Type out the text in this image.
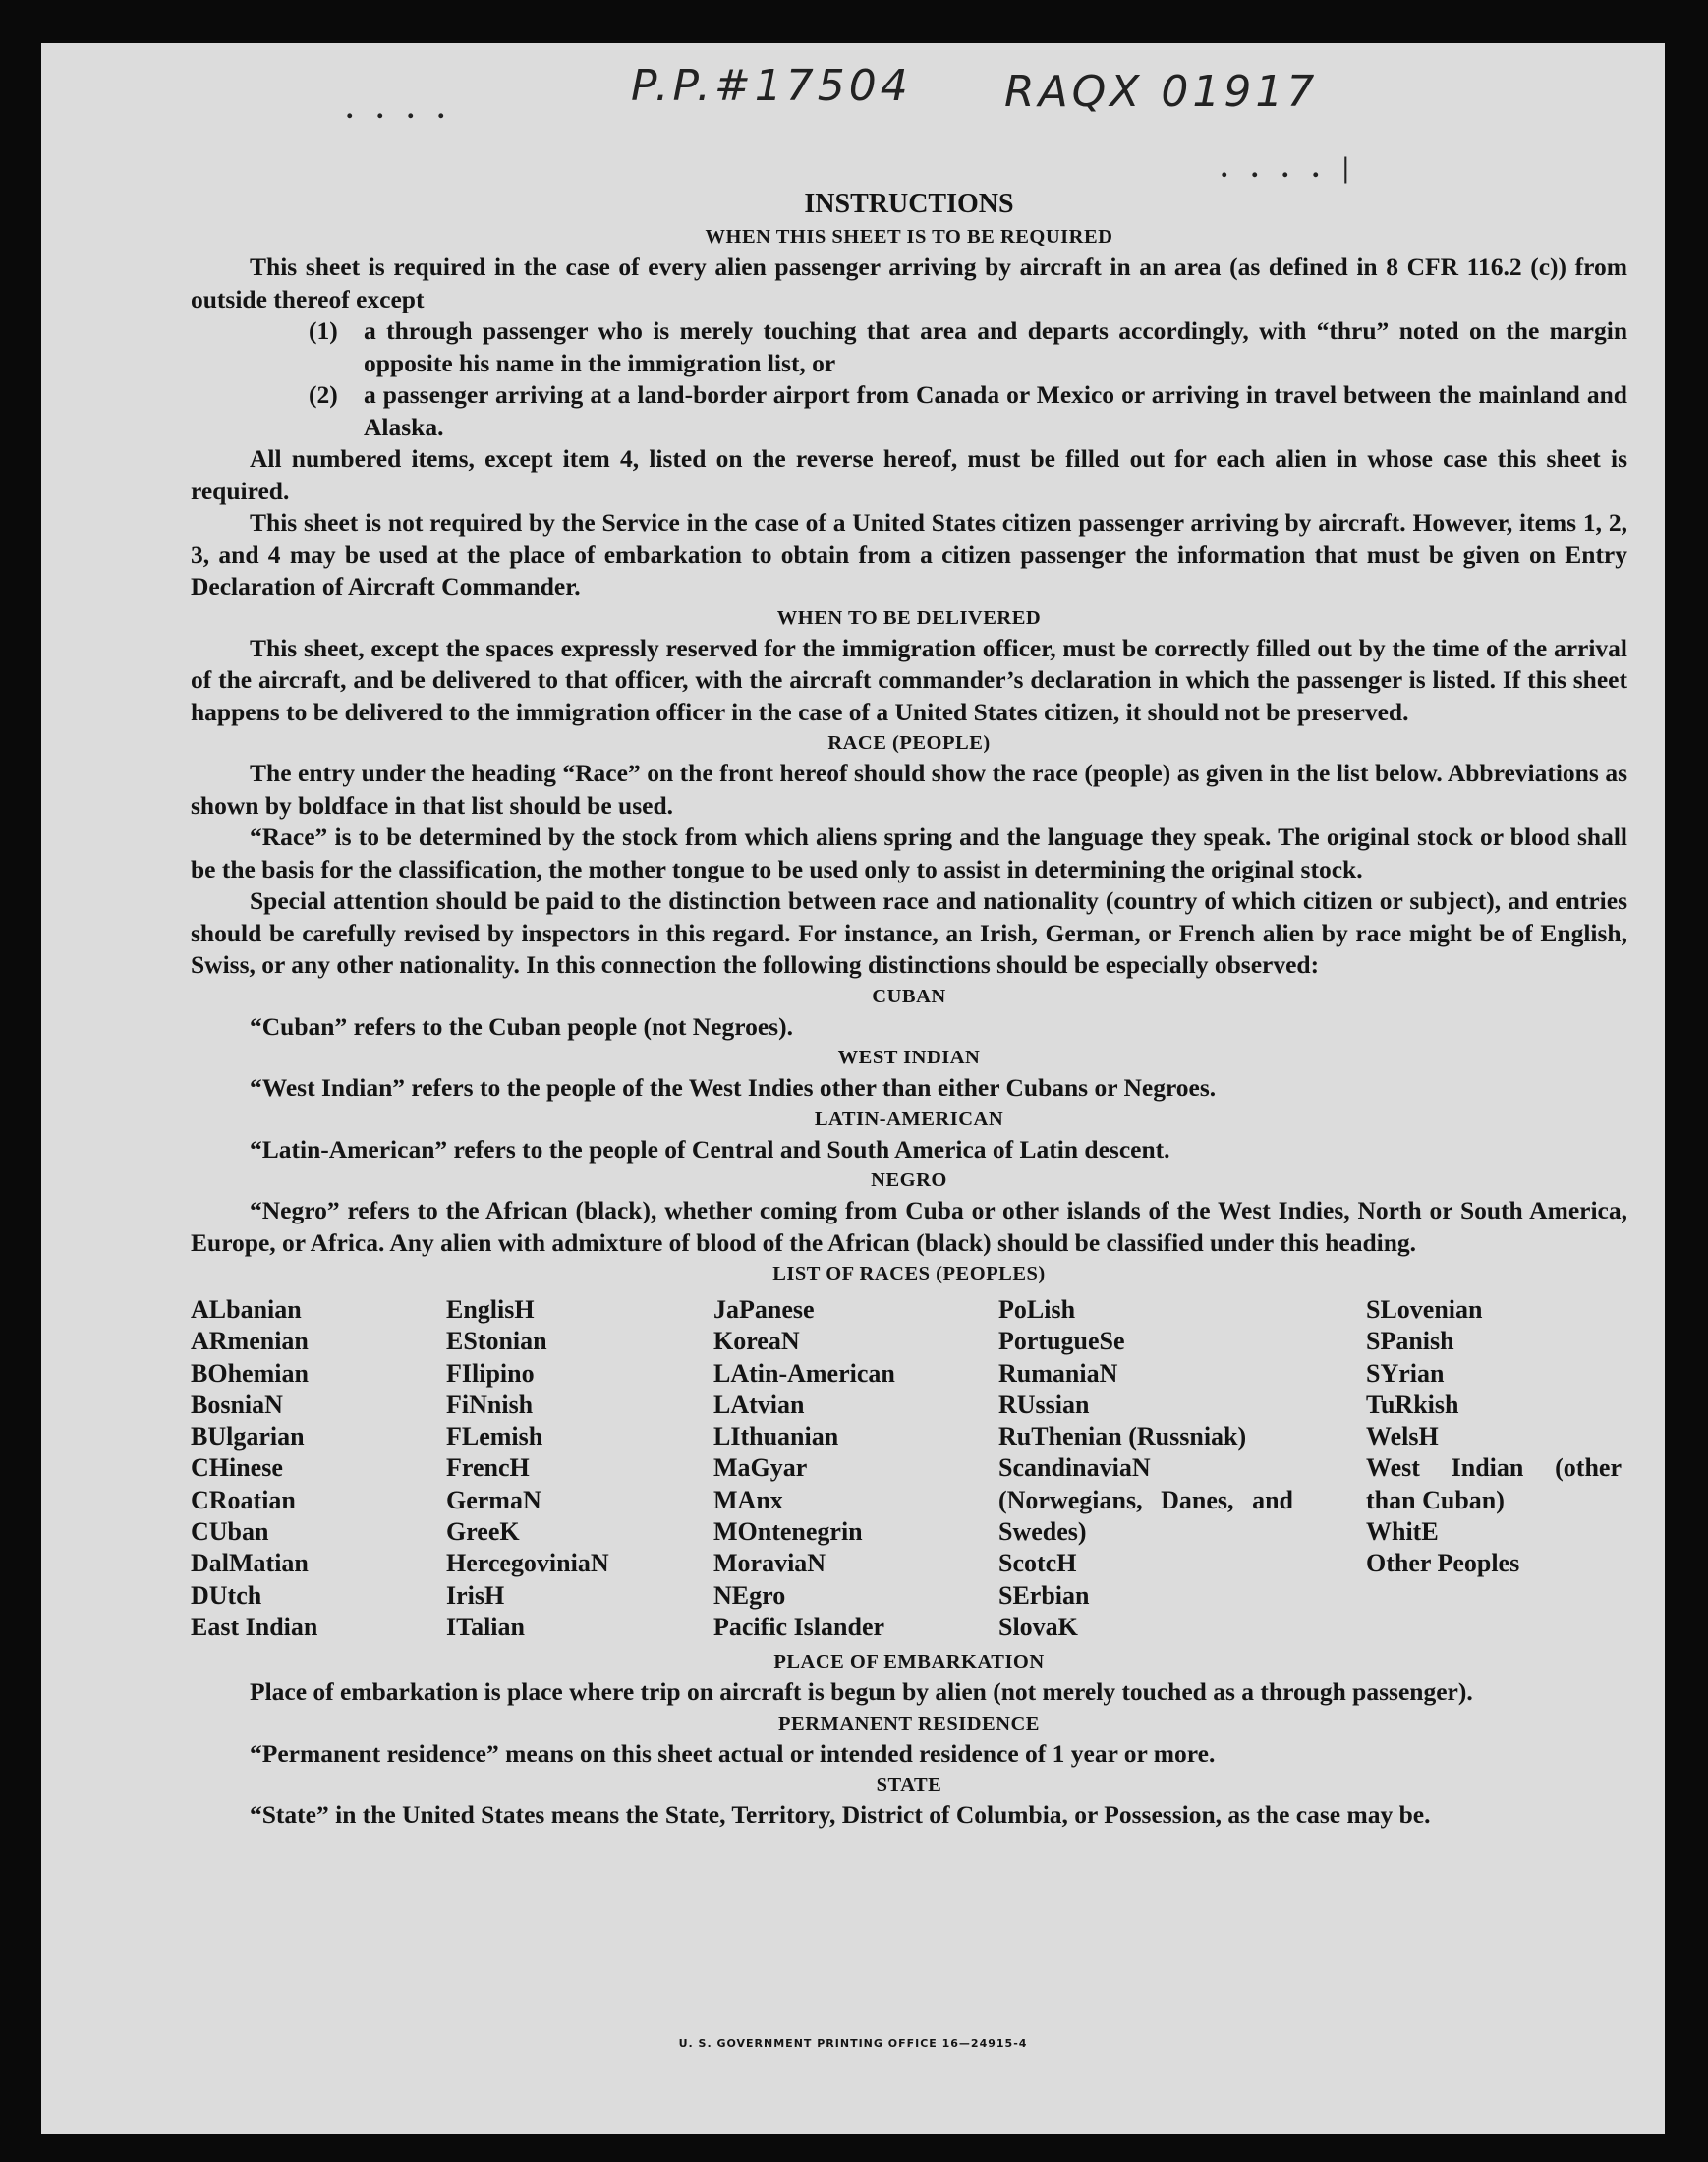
P.P.#17504 RAQX 01917
. . . .
. . . . |

INSTRUCTIONS

WHEN THIS SHEET IS TO BE REQUIRED

This sheet is required in the case of every alien passenger arriving by aircraft in an area (as defined in 8 CFR 116.2 (c)) from outside thereof except

(1)	a through passenger who is merely touching that area and departs accordingly, with “thru” noted on the margin opposite his name in the immigration list, or
(2)	a passenger arriving at a land-border airport from Canada or Mexico or arriving in travel between the mainland and Alaska.

All numbered items, except item 4, listed on the reverse hereof, must be filled out for each alien in whose case this sheet is required.

This sheet is not required by the Service in the case of a United States citizen passenger arriving by aircraft. However, items 1, 2, 3, and 4 may be used at the place of embarkation to obtain from a citizen passenger the information that must be given on Entry Declaration of Aircraft Commander.

WHEN TO BE DELIVERED

This sheet, except the spaces expressly reserved for the immigration officer, must be correctly filled out by the time of the arrival of the aircraft, and be delivered to that officer, with the aircraft commander’s declaration in which the passenger is listed. If this sheet happens to be delivered to the immigration officer in the case of a United States citizen, it should not be preserved.

RACE (PEOPLE)

The entry under the heading “Race” on the front hereof should show the race (people) as given in the list below. Abbreviations as shown by boldface in that list should be used.

“Race” is to be determined by the stock from which aliens spring and the language they speak. The original stock or blood shall be the basis for the classification, the mother tongue to be used only to assist in determining the original stock.

Special attention should be paid to the distinction between race and nationality (country of which citizen or subject), and entries should be carefully revised by inspectors in this regard. For instance, an Irish, German, or French alien by race might be of English, Swiss, or any other nationality. In this connection the following distinctions should be especially observed:

CUBAN

“Cuban” refers to the Cuban people (not Negroes).

WEST INDIAN

“West Indian” refers to the people of the West Indies other than either Cubans or Negroes.

LATIN-AMERICAN

“Latin-American” refers to the people of Central and South America of Latin descent.

NEGRO

“Negro” refers to the African (black), whether coming from Cuba or other islands of the West Indies, North or South America, Europe, or Africa. Any alien with admixture of blood of the African (black) should be classified under this heading.

LIST OF RACES (PEOPLES)

ALbanian
ARmenian
BOhemian
BosniaN
BUlgarian
CHinese
CRoatian
CUban
DalMatian
DUtch
East Indian
EnglisH
EStonian
FIlipino
FiNnish
FLemish
FrencH
GermaN
GreeK
HercegoviniaN
IrisH
ITalian
JaPanese
KoreaN
LAtin-American
LAtvian
LIthuanian
MaGyar
MAnx
MOntenegrin
MoraviaN
NEgro
Pacific Islander
PoLish
PortugueSe
RumaniaN
RUssian
RuThenian (Russniak)
ScandinaviaN (Norwegians, Danes, and Swedes)
ScotcH
SErbian
SlovaK
SLovenian
SPanish
SYrian
TuRkish
WelsH
West Indian (other than Cuban)
WhitE
Other Peoples

PLACE OF EMBARKATION

Place of embarkation is place where trip on aircraft is begun by alien (not merely touched as a through passenger).

PERMANENT RESIDENCE

“Permanent residence” means on this sheet actual or intended residence of 1 year or more.

STATE

“State” in the United States means the State, Territory, District of Columbia, or Possession, as the case may be.

U. S. GOVERNMENT PRINTING OFFICE 16—24915-4
